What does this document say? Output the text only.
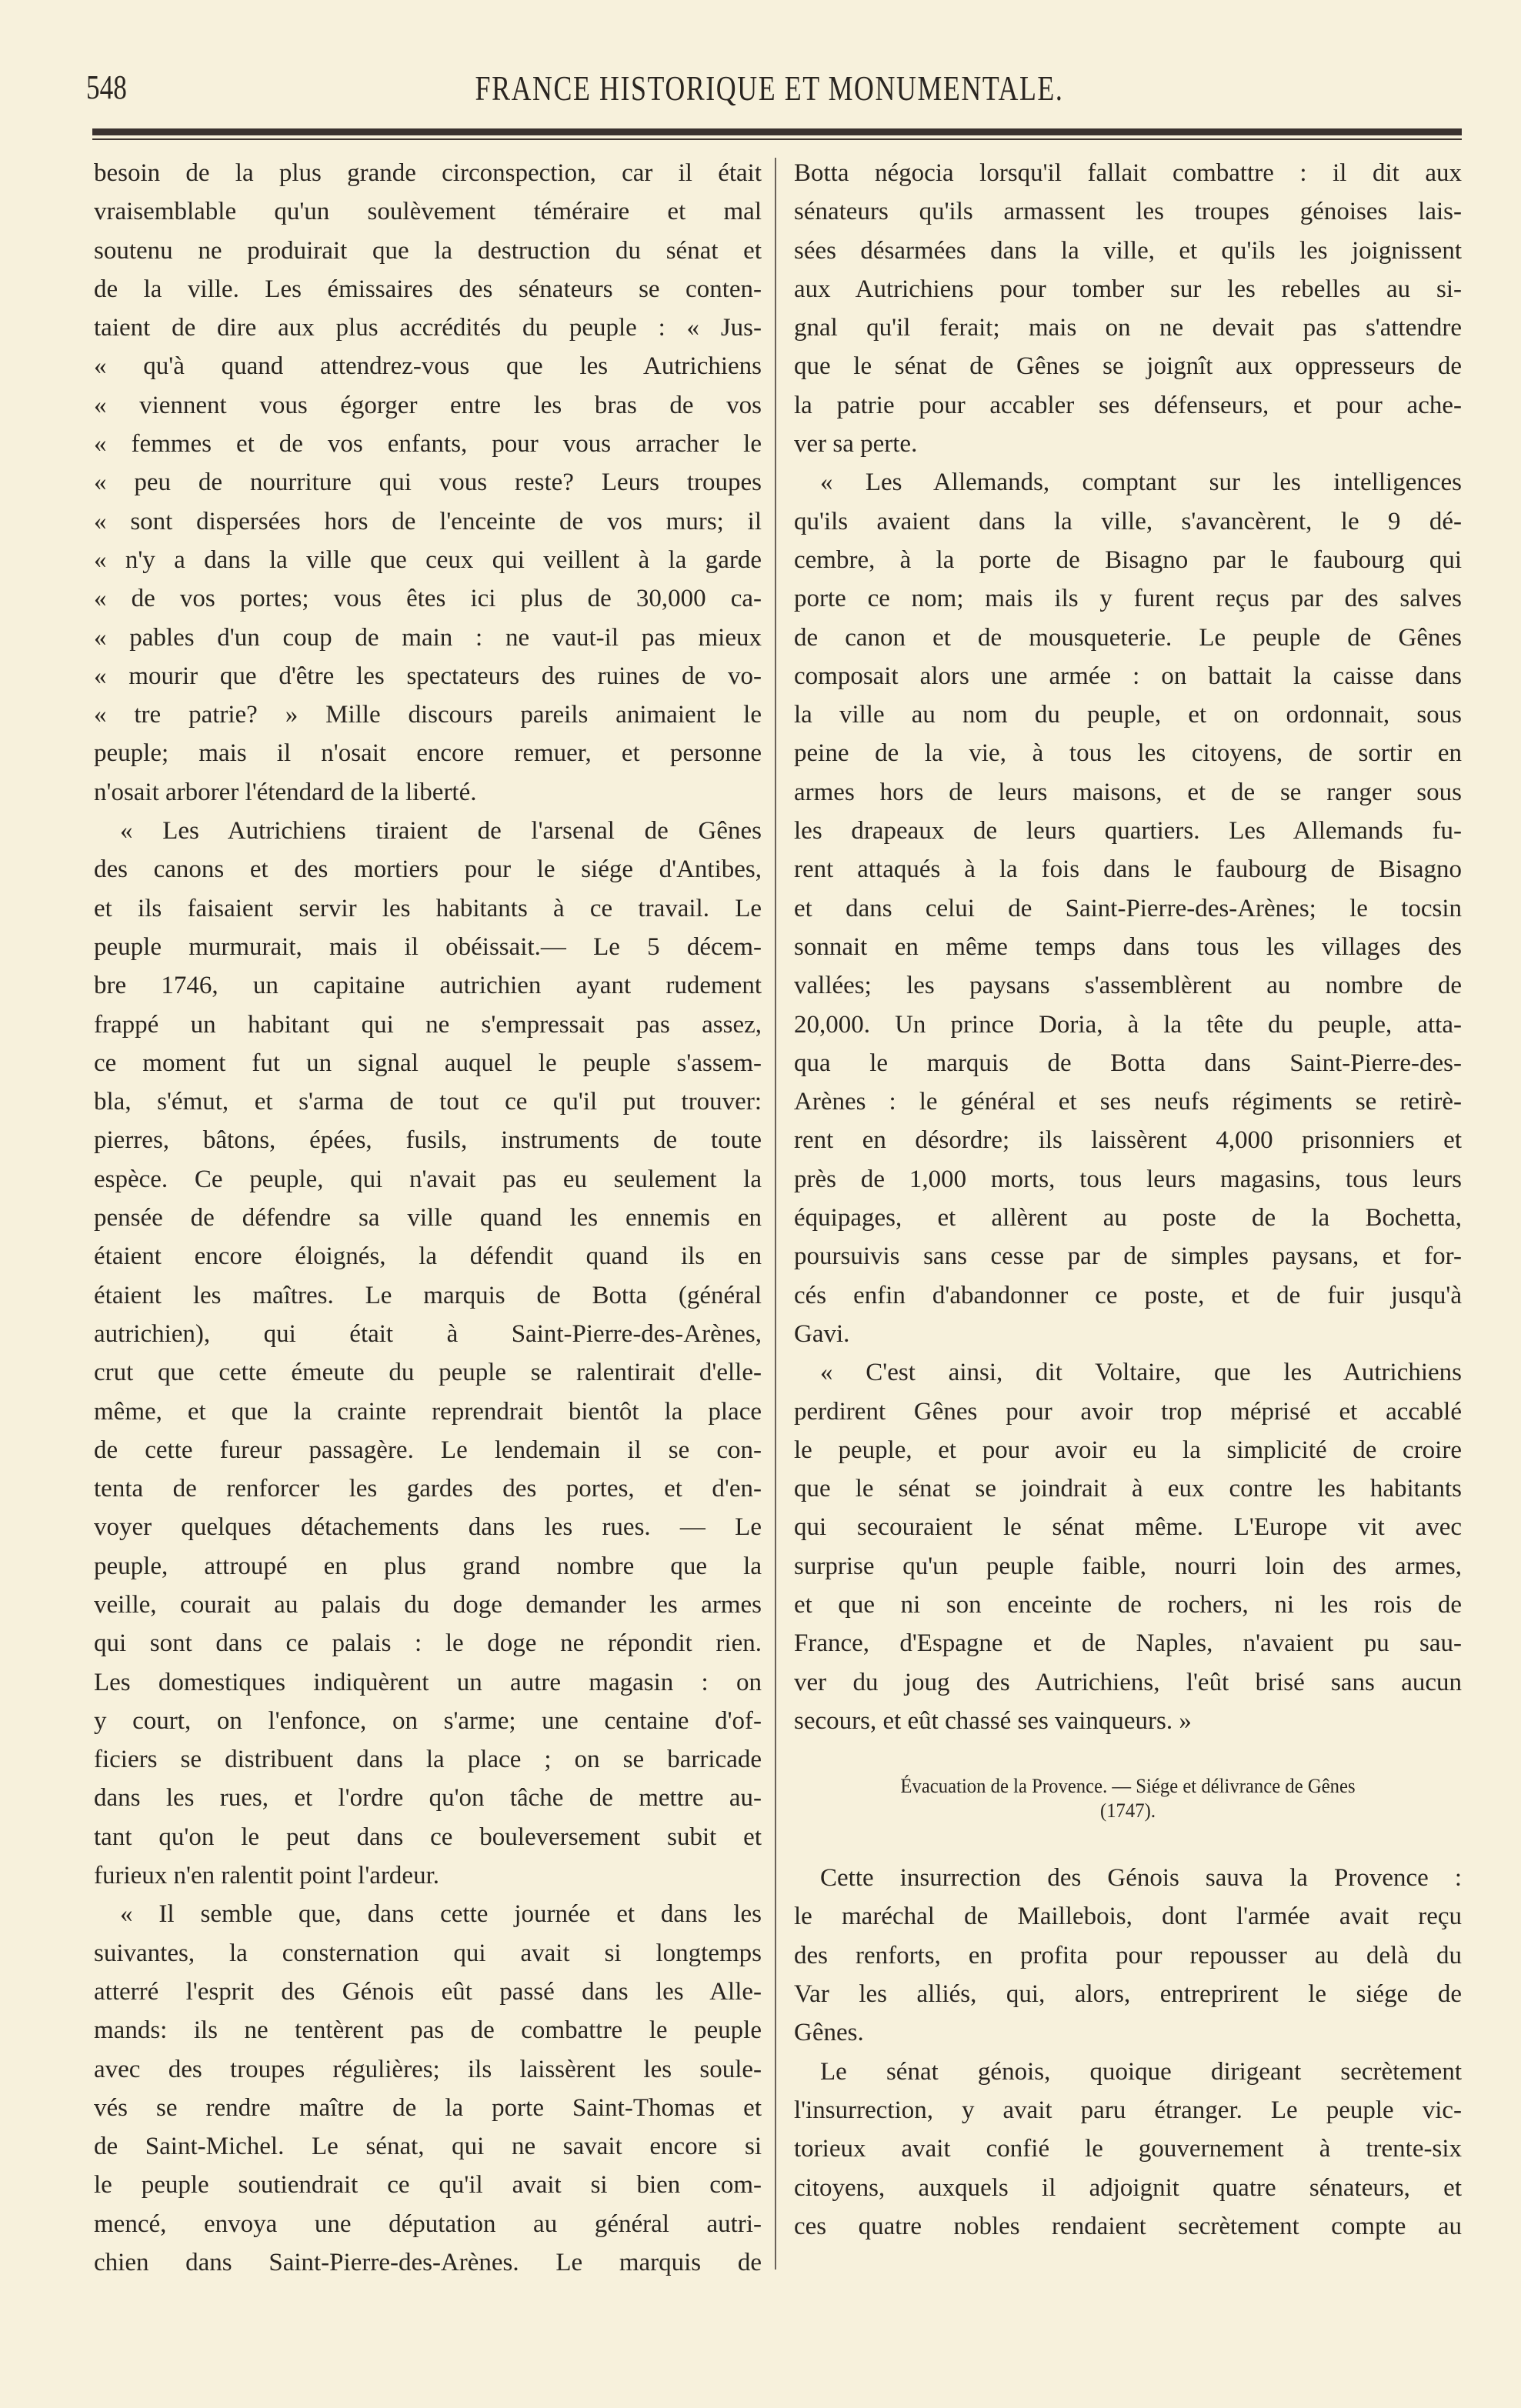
548	FRANCE HISTORIQUE ET MONUMENTALE.
besoin de la plus grande circonspection, car il était
vraisemblable qu'un soulèvement téméraire et mal
soutenu ne produirait que la destruction du sénat et
de la ville. Les émissaires des sénateurs se conten-
taient de dire aux plus accrédités du peuple : « Jus-
« qu'à quand attendrez-vous que les Autrichiens
« viennent vous égorger entre les bras de vos
« femmes et de vos enfants, pour vous arracher le
« peu de nourriture qui vous reste? Leurs troupes
« sont dispersées hors de l'enceinte de vos murs; il
« n'y a dans la ville que ceux qui veillent à la garde
« de vos portes; vous êtes ici plus de 30,000 ca-
« pables d'un coup de main : ne vaut-il pas mieux
« mourir que d'être les spectateurs des ruines de vo-
« tre patrie? » Mille discours pareils animaient le
peuple; mais il n'osait encore remuer, et personne
n'osait arborer l'étendard de la liberté.
« Les Autrichiens tiraient de l'arsenal de Gênes
des canons et des mortiers pour le siége d'Antibes,
et ils faisaient servir les habitants à ce travail. Le
peuple murmurait, mais il obéissait.— Le 5 décem-
bre 1746, un capitaine autrichien ayant rudement
frappé un habitant qui ne s'empressait pas assez,
ce moment fut un signal auquel le peuple s'assem-
bla, s'émut, et s'arma de tout ce qu'il put trouver:
pierres, bâtons, épées, fusils, instruments de toute
espèce. Ce peuple, qui n'avait pas eu seulement la
pensée de défendre sa ville quand les ennemis en
étaient encore éloignés, la défendit quand ils en
étaient les maîtres. Le marquis de Botta (général
autrichien), qui était à Saint-Pierre-des-Arènes,
crut que cette émeute du peuple se ralentirait d'elle-
même, et que la crainte reprendrait bientôt la place
de cette fureur passagère. Le lendemain il se con-
tenta de renforcer les gardes des portes, et d'en-
voyer quelques détachements dans les rues. — Le
peuple, attroupé en plus grand nombre que la
veille, courait au palais du doge demander les armes
qui sont dans ce palais : le doge ne répondit rien.
Les domestiques indiquèrent un autre magasin : on
y court, on l'enfonce, on s'arme; une centaine d'of-
ficiers se distribuent dans la place ; on se barricade
dans les rues, et l'ordre qu'on tâche de mettre au-
tant qu'on le peut dans ce bouleversement subit et
furieux n'en ralentit point l'ardeur.
« Il semble que, dans cette journée et dans les
suivantes, la consternation qui avait si longtemps
atterré l'esprit des Génois eût passé dans les Alle-
mands: ils ne tentèrent pas de combattre le peuple
avec des troupes régulières; ils laissèrent les soule-
vés se rendre maître de la porte Saint-Thomas et
de Saint-Michel. Le sénat, qui ne savait encore si
le peuple soutiendrait ce qu'il avait si bien com-
mencé, envoya une députation au général autri-
chien dans Saint-Pierre-des-Arènes. Le marquis de
Botta négocia lorsqu'il fallait combattre : il dit aux
sénateurs qu'ils armassent les troupes génoises lais-
sées désarmées dans la ville, et qu'ils les joignissent
aux Autrichiens pour tomber sur les rebelles au si-
gnal qu'il ferait; mais on ne devait pas s'attendre
que le sénat de Gênes se joignît aux oppresseurs de
la patrie pour accabler ses défenseurs, et pour ache-
ver sa perte.
« Les Allemands, comptant sur les intelligences
qu'ils avaient dans la ville, s'avancèrent, le 9 dé-
cembre, à la porte de Bisagno par le faubourg qui
porte ce nom; mais ils y furent reçus par des salves
de canon et de mousqueterie. Le peuple de Gênes
composait alors une armée : on battait la caisse dans
la ville au nom du peuple, et on ordonnait, sous
peine de la vie, à tous les citoyens, de sortir en
armes hors de leurs maisons, et de se ranger sous
les drapeaux de leurs quartiers. Les Allemands fu-
rent attaqués à la fois dans le faubourg de Bisagno
et dans celui de Saint-Pierre-des-Arènes; le tocsin
sonnait en même temps dans tous les villages des
vallées; les paysans s'assemblèrent au nombre de
20,000. Un prince Doria, à la tête du peuple, atta-
qua le marquis de Botta dans Saint-Pierre-des-
Arènes : le général et ses neufs régiments se retirè-
rent en désordre; ils laissèrent 4,000 prisonniers et
près de 1,000 morts, tous leurs magasins, tous leurs
équipages, et allèrent au poste de la Bochetta,
poursuivis sans cesse par de simples paysans, et for-
cés enfin d'abandonner ce poste, et de fuir jusqu'à
Gavi.
« C'est ainsi, dit Voltaire, que les Autrichiens
perdirent Gênes pour avoir trop méprisé et accablé
le peuple, et pour avoir eu la simplicité de croire
que le sénat se joindrait à eux contre les habitants
qui secouraient le sénat même. L'Europe vit avec
surprise qu'un peuple faible, nourri loin des armes,
et que ni son enceinte de rochers, ni les rois de
France, d'Espagne et de Naples, n'avaient pu sau-
ver du joug des Autrichiens, l'eût brisé sans aucun
secours, et eût chassé ses vainqueurs. »
Évacuation de la Provence. — Siége et délivrance de Gênes
(1747).
Cette insurrection des Génois sauva la Provence :
le maréchal de Maillebois, dont l'armée avait reçu
des renforts, en profita pour repousser au delà du
Var les alliés, qui, alors, entreprirent le siége de
Gênes.
Le sénat génois, quoique dirigeant secrètement
l'insurrection, y avait paru étranger. Le peuple vic-
torieux avait confié le gouvernement à trente-six
citoyens, auxquels il adjoignit quatre sénateurs, et
ces quatre nobles rendaient secrètement compte au
